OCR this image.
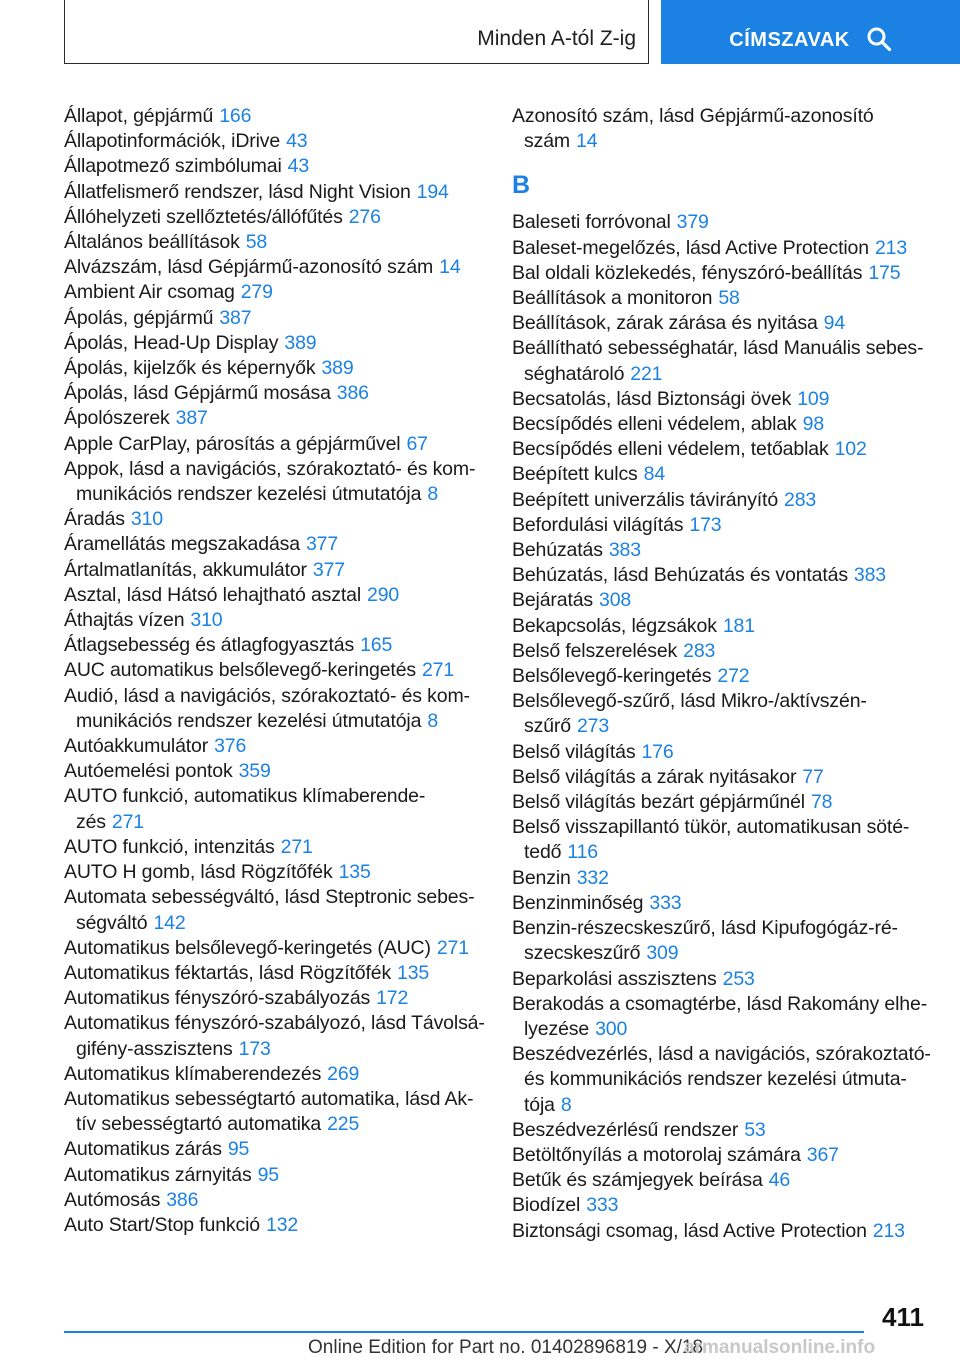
Minden A-tól Z-ig	CÍMSZAVAK
Állapot, gépjármű 166
Állapotinformációk, iDrive 43
Állapotmező szimbólumai 43
Állatfelismerő rendszer, lásd Night Vision 194
Állóhelyzeti szellőztetés/állófűtés 276
Általános beállítások 58
Alvázszám, lásd Gépjármű-azonosító szám 14
Ambient Air csomag 279
Ápolás, gépjármű 387
Ápolás, Head-Up Display 389
Ápolás, kijelzők és képernyők 389
Ápolás, lásd Gépjármű mosása 386
Ápolószerek 387
Apple CarPlay, párosítás a gépjárművel 67
Appok, lásd a navigációs, szórakoztató- és kom-
munikációs rendszer kezelési útmutatója 8
Áradás 310
Áramellátás megszakadása 377
Ártalmatlanítás, akkumulátor 377
Asztal, lásd Hátsó lehajtható asztal 290
Áthajtás vízen 310
Átlagsebesség és átlagfogyasztás 165
AUC automatikus belsőlevegő-keringetés 271
Audió, lásd a navigációs, szórakoztató- és kom-
munikációs rendszer kezelési útmutatója 8
Autóakkumulátor 376
Autóemelési pontok 359
AUTO funkció, automatikus klímaberende-
zés 271
AUTO funkció, intenzitás 271
AUTO H gomb, lásd Rögzítőfék 135
Automata sebességváltó, lásd Steptronic sebes-
ségváltó 142
Automatikus belsőlevegő-keringetés (AUC) 271
Automatikus féktartás, lásd Rögzítőfék 135
Automatikus fényszóró-szabályozás 172
Automatikus fényszóró-szabályozó, lásd Távolsá-
gifény-asszisztens 173
Automatikus klímaberendezés 269
Automatikus sebességtartó automatika, lásd Ak-
tív sebességtartó automatika 225
Automatikus zárás 95
Automatikus zárnyitás 95
Autómosás 386
Auto Start/Stop funkció 132
Azonosító szám, lásd Gépjármű-azonosító
szám 14
B
Baleseti forróvonal 379
Baleset-megelőzés, lásd Active Protection 213
Bal oldali közlekedés, fényszóró-beállítás 175
Beállítások a monitoron 58
Beállítások, zárak zárása és nyitása 94
Beállítható sebességhatár, lásd Manuális sebes-
séghatároló 221
Becsatolás, lásd Biztonsági övek 109
Becsípődés elleni védelem, ablak 98
Becsípődés elleni védelem, tetőablak 102
Beépített kulcs 84
Beépített univerzális távirányító 283
Befordulási világítás 173
Behúzatás 383
Behúzatás, lásd Behúzatás és vontatás 383
Bejáratás 308
Bekapcsolás, légzsákok 181
Belső felszerelések 283
Belsőlevegő-keringetés 272
Belsőlevegő-szűrő, lásd Mikro-/aktívszén-
szűrő 273
Belső világítás 176
Belső világítás a zárak nyitásakor 77
Belső világítás bezárt gépjárműnél 78
Belső visszapillantó tükör, automatikusan söté-
tedő 116
Benzin 332
Benzinminőség 333
Benzin-részecskeszűrő, lásd Kipufogógáz-ré-
szecskeszűrő 309
Beparkolási asszisztens 253
Berakodás a csomagtérbe, lásd Rakomány elhe-
lyezése 300
Beszédvezérlés, lásd a navigációs, szórakoztató-
és kommunikációs rendszer kezelési útmuta-
tója 8
Beszédvezérlésű rendszer 53
Betöltőnyílás a motorolaj számára 367
Betűk és számjegyek beírása 46
Biodízel 333
Biztonsági csomag, lásd Active Protection 213
411
Online Edition for Part no. 01402896819 - X/18
armanualsonline.info
